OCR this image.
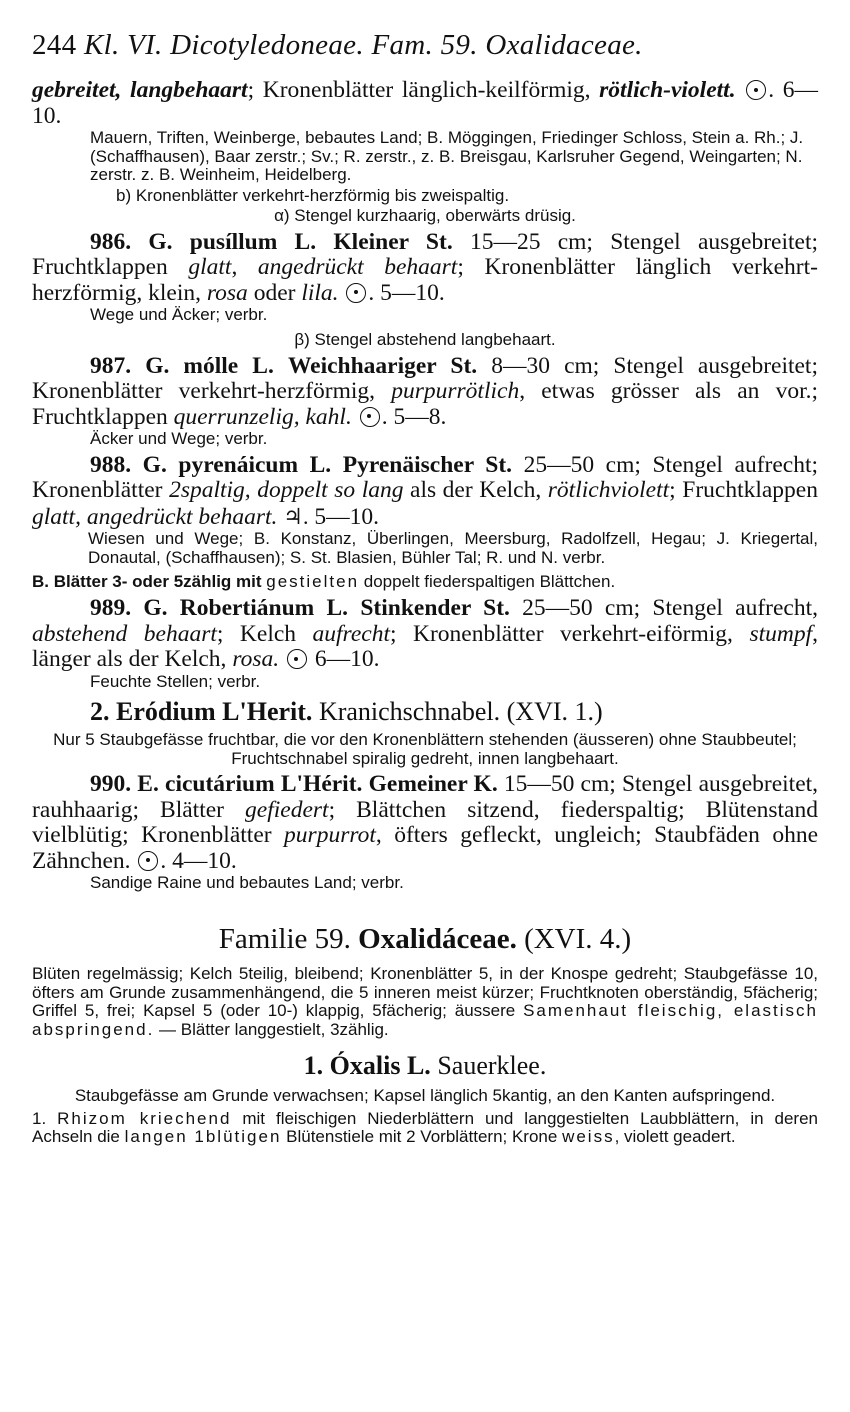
244 Kl. VI. Dicotyledoneae. Fam. 59. Oxalidaceae.

gebreitet, langbehaart; Kronenblätter länglich-keilförmig, rötlich-violett. . 6—10.

Mauern, Triften, Weinberge, bebautes Land; B. Möggingen, Friedinger Schloss, Stein a. Rh.; J. (Schaffhausen), Baar zerstr.; Sv.; R. zerstr., z. B. Breisgau, Karlsruher Gegend, Weingarten; N. zerstr. z. B. Weinheim, Heidelberg.

b) Kronenblätter verkehrt-herzförmig bis zweispaltig.

α) Stengel kurzhaarig, oberwärts drüsig.

986. G. pusíllum L. Kleiner St. 15—25 cm; Stengel ausgebreitet; Fruchtklappen glatt, angedrückt behaart; Kronenblätter länglich verkehrt-herzförmig, klein, rosa oder lila. . 5—10.

Wege und Äcker; verbr.

β) Stengel abstehend langbehaart.

987. G. mólle L. Weichhaariger St. 8—30 cm; Stengel ausgebreitet; Kronenblätter verkehrt-herzförmig, purpurrötlich, etwas grösser als an vor.; Fruchtklappen querrunzelig, kahl. . 5—8.

Äcker und Wege; verbr.

988. G. pyrenáicum L. Pyrenäischer St. 25—50 cm; Stengel aufrecht; Kronenblätter 2spaltig, doppelt so lang als der Kelch, rötlichviolett; Fruchtklappen glatt, angedrückt behaart. ♃. 5—10.

Wiesen und Wege; B. Konstanz, Überlingen, Meersburg, Radolfzell, Hegau; J. Kriegertal, Donautal, (Schaffhausen); S. St. Blasien, Bühler Tal; R. und N. verbr.

B. Blätter 3- oder 5zählig mit gestielten doppelt fiederspaltigen Blättchen.

989. G. Robertiánum L. Stinkender St. 25—50 cm; Stengel aufrecht, abstehend behaart; Kelch aufrecht; Kronenblätter verkehrt-eiförmig, stumpf, länger als der Kelch, rosa.  6—10.

Feuchte Stellen; verbr.

2. Eródium L'Herit. Kranichschnabel. (XVI. 1.)

Nur 5 Staubgefässe fruchtbar, die vor den Kronenblättern stehenden (äusseren) ohne Staubbeutel; Fruchtschnabel spiralig gedreht, innen langbehaart.

990. E. cicutárium L'Hérit. Gemeiner K. 15—50 cm; Stengel ausgebreitet, rauhhaarig; Blätter gefiedert; Blättchen sitzend, fiederspaltig; Blütenstand vielblütig; Kronenblätter purpurrot, öfters gefleckt, ungleich; Staubfäden ohne Zähnchen. . 4—10.

Sandige Raine und bebautes Land; verbr.

Familie 59. Oxalidáceae. (XVI. 4.)

Blüten regelmässig; Kelch 5teilig, bleibend; Kronenblätter 5, in der Knospe gedreht; Staubgefässe 10, öfters am Grunde zusammenhängend, die 5 inneren meist kürzer; Fruchtknoten oberständig, 5fächerig; Griffel 5, frei; Kapsel 5 (oder 10-) klappig, 5fächerig; äussere Samenhaut fleischig, elastisch abspringend. — Blätter langgestielt, 3zählig.

1. Óxalis L. Sauerklee.

Staubgefässe am Grunde verwachsen; Kapsel länglich 5kantig, an den Kanten aufspringend.

1. Rhizom kriechend mit fleischigen Niederblättern und langgestielten Laubblättern, in deren Achseln die langen 1blütigen Blütenstiele mit 2 Vorblättern; Krone weiss, violett geadert.
